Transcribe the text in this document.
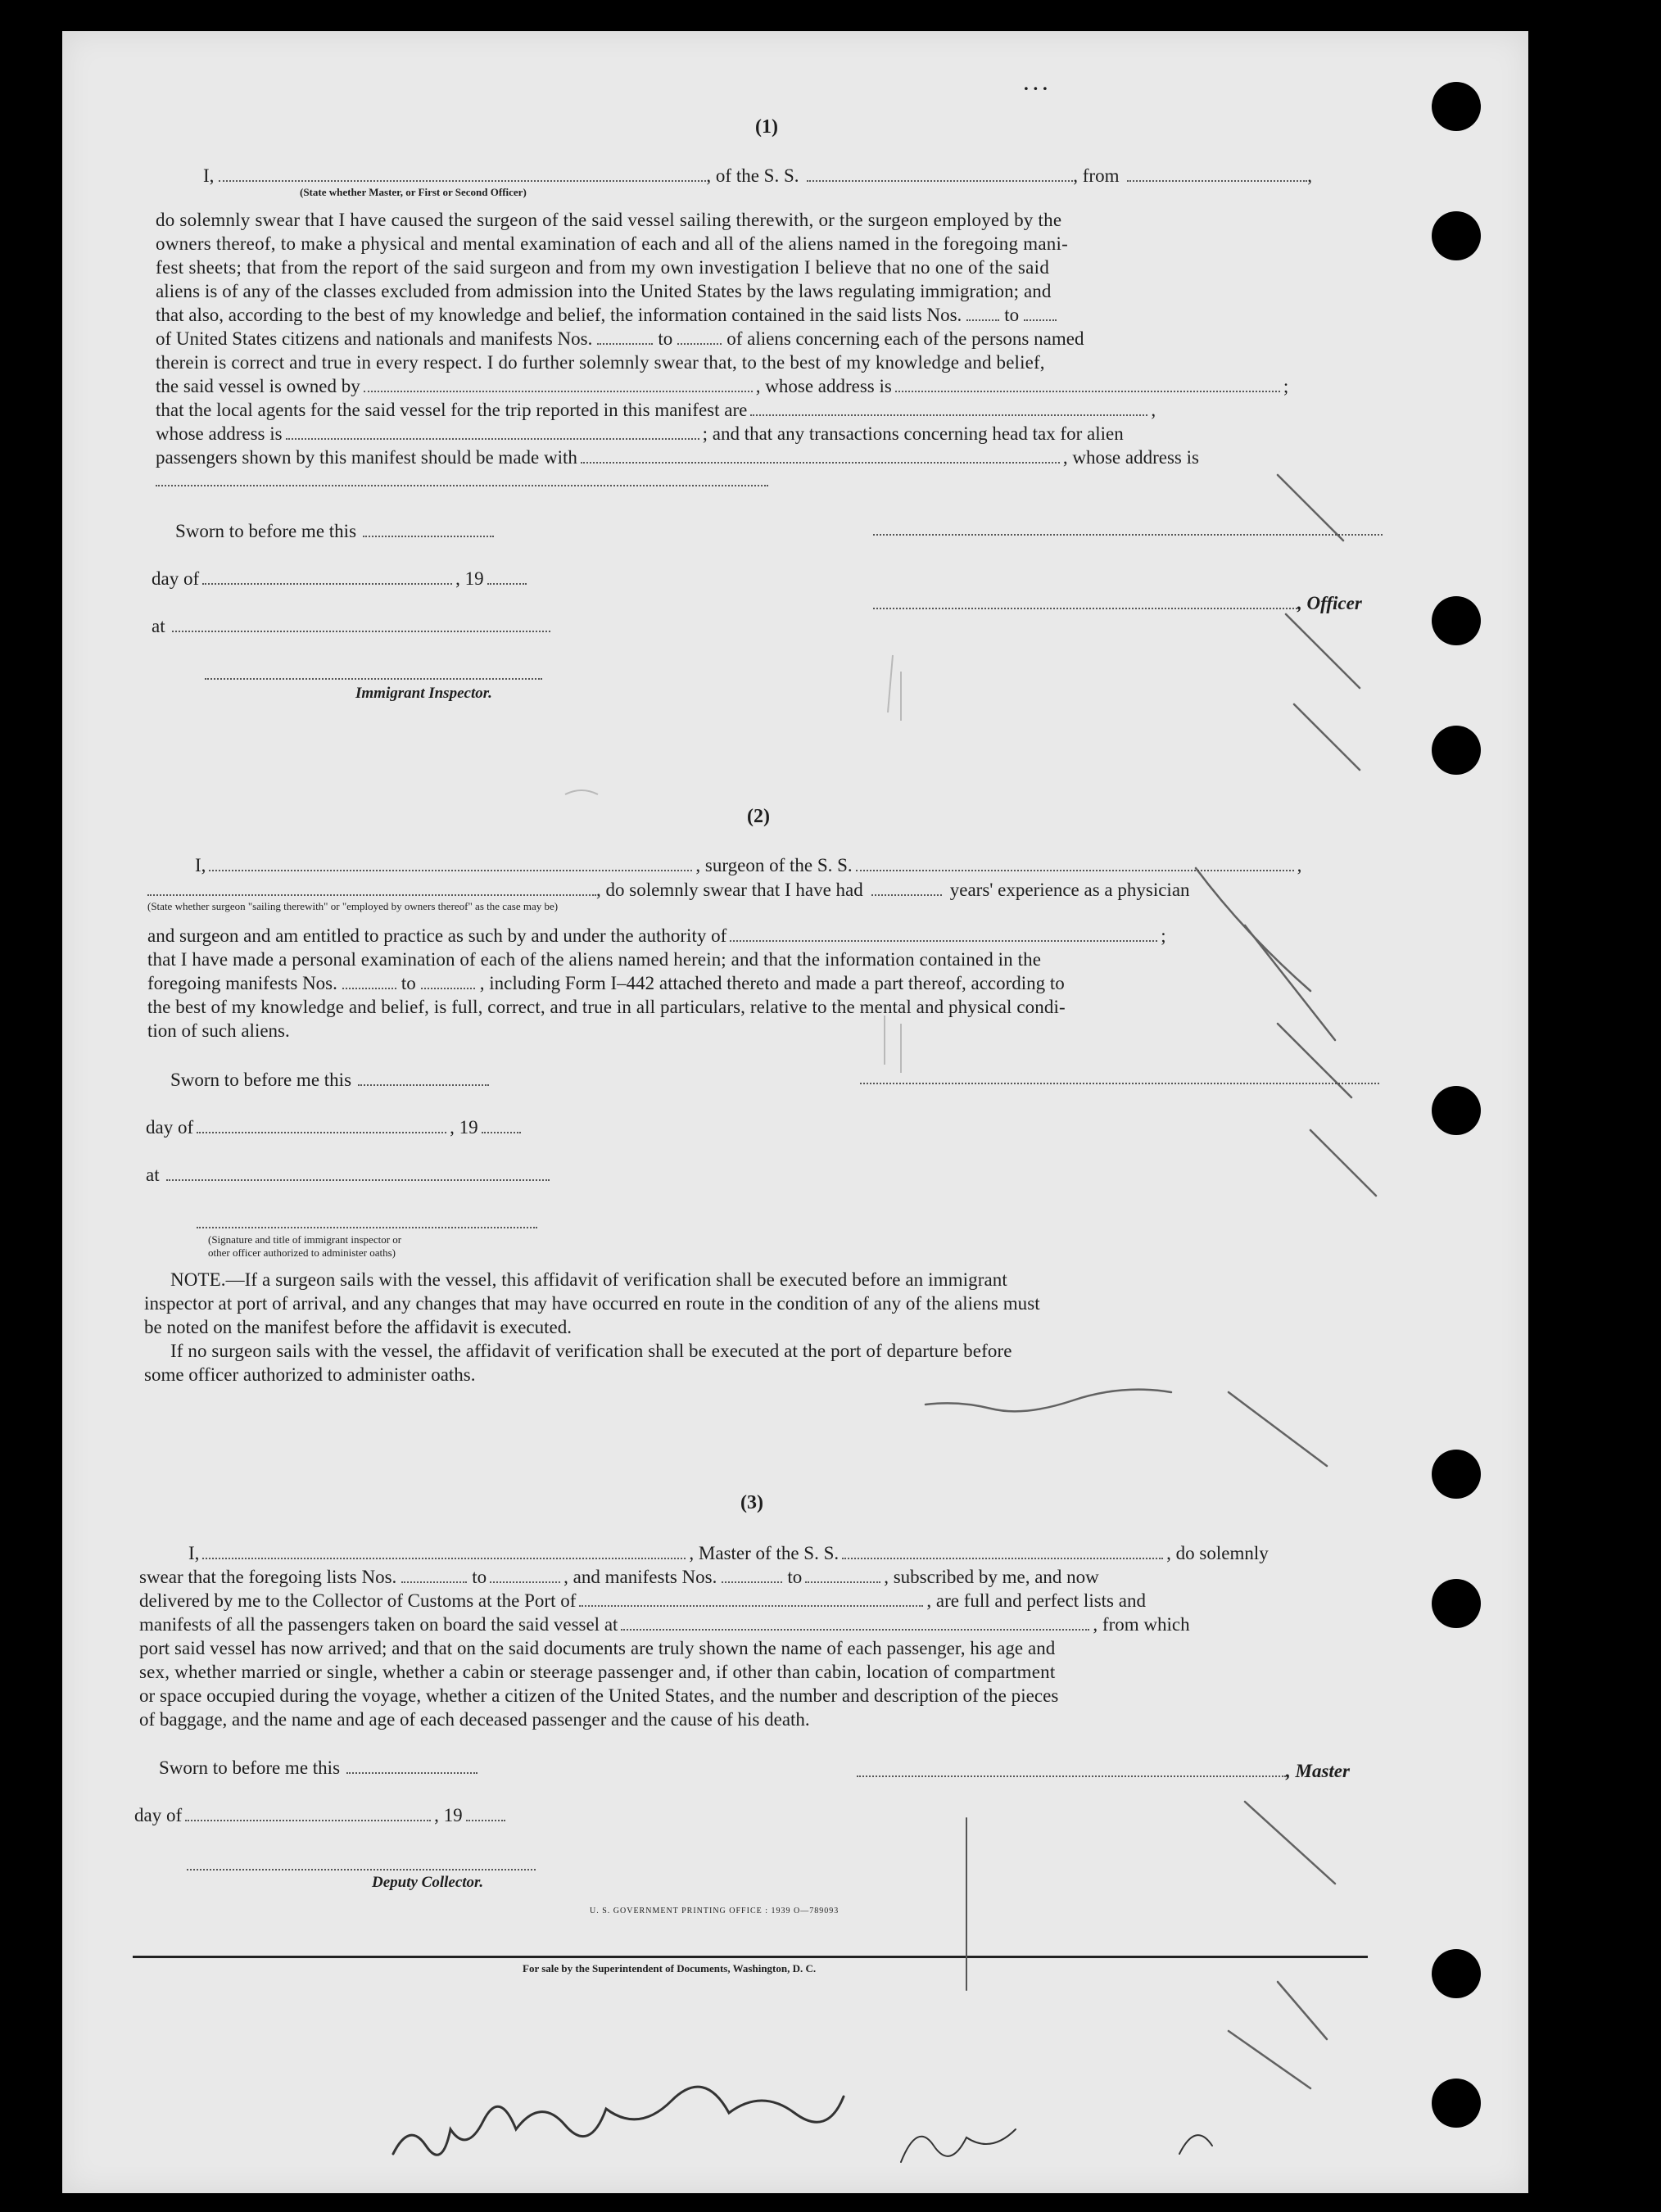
. . .
(1)
I,	, of the S. S.	, from	,
(State whether Master, or First or Second Officer)
do solemnly swear that I have caused the surgeon of the said vessel sailing therewith, or the surgeon employed by the
owners thereof, to make a physical and mental examination of each and all of the aliens named in the foregoing mani-
fest sheets; that from the report of the said surgeon and from my own investigation I believe that no one of the said
aliens is of any of the classes excluded from admission into the United States by the laws regulating immigration; and
that also, according to the best of my knowledge and belief, the information contained in the said lists Nos. to
of United States citizens and nationals and manifests Nos.	to	of aliens concerning each of the persons named
therein is correct and true in every respect. I do further solemnly swear that, to the best of my knowledge and belief,
the said vessel is owned by	, whose address is	;
that the local agents for the said vessel for the trip reported in this manifest are	,
whose address is	; and that any transactions concerning head tax for alien
passengers shown by this manifest should be made with	, whose address is
Sworn to before me this
day of	, 19
, Officer
at
Immigrant Inspector.
(2)
I,	, surgeon of the S. S.	,
, do solemnly swear that I have had	years' experience as a physician
(State whether surgeon "sailing therewith" or "employed by owners thereof" as the case may be)
and surgeon and am entitled to practice as such by and under the authority of	;
that I have made a personal examination of each of the aliens named herein; and that the information contained in the
foregoing manifests Nos.	to	, including Form I–442 attached thereto and made a part thereof, according to
the best of my knowledge and belief, is full, correct, and true in all particulars, relative to the mental and physical condi-
tion of such aliens.
Sworn to before me this
day of	, 19
at
(Signature and title of immigrant inspector or
other officer authorized to administer oaths)
NOTE.—If a surgeon sails with the vessel, this affidavit of verification shall be executed before an immigrant
inspector at port of arrival, and any changes that may have occurred en route in the condition of any of the aliens must
be noted on the manifest before the affidavit is executed.
If no surgeon sails with the vessel, the affidavit of verification shall be executed at the port of departure before
some officer authorized to administer oaths.
(3)
I,	, Master of the S. S.	, do solemnly
swear that the foregoing lists Nos.	to	, and manifests Nos.	to	, subscribed by me, and now
delivered by me to the Collector of Customs at the Port of	, are full and perfect lists and
manifests of all the passengers taken on board the said vessel at	, from which
port said vessel has now arrived; and that on the said documents are truly shown the name of each passenger, his age and
sex, whether married or single, whether a cabin or steerage passenger and, if other than cabin, location of compartment
or space occupied during the voyage, whether a citizen of the United States, and the number and description of the pieces
of baggage, and the name and age of each deceased passenger and the cause of his death.
Sworn to before me this	, Master
day of	, 19
Deputy Collector.
U. S. GOVERNMENT PRINTING OFFICE : 1939 O—789093
For sale by the Superintendent of Documents, Washington, D. C.
